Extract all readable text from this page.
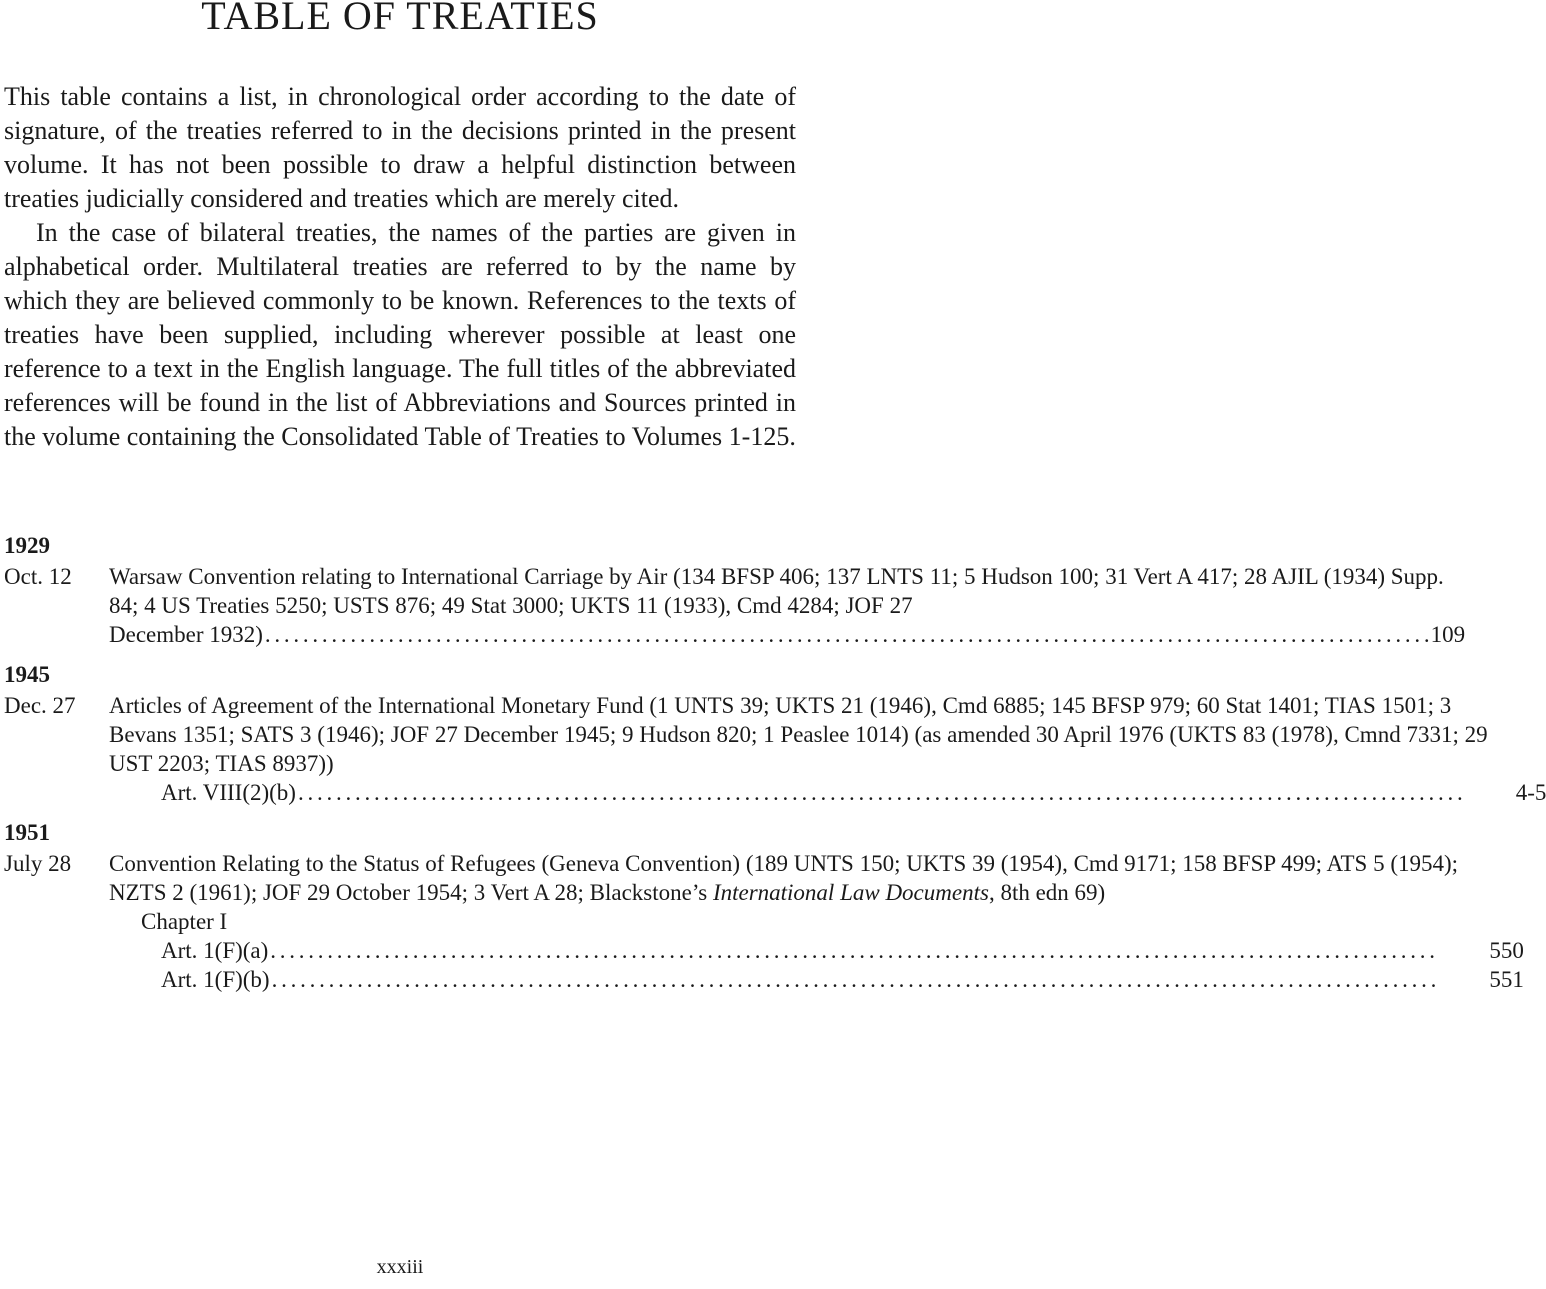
TABLE OF TREATIES

This table contains a list, in chronological order according to the date of signature, of the treaties referred to in the decisions printed in the present volume. It has not been possible to draw a helpful distinction between treaties judicially considered and treaties which are merely cited.

In the case of bilateral treaties, the names of the parties are given in alphabetical order. Multilateral treaties are referred to by the name by which they are believed commonly to be known. References to the texts of treaties have been supplied, including wherever possible at least one reference to a text in the English language. The full titles of the abbreviated references will be found in the list of Abbreviations and Sources printed in the volume containing the Consolidated Table of Treaties to Volumes 1-125.

1929

Oct. 12	Warsaw Convention relating to International Carriage by Air (134 BFSP 406; 137 LNTS 11; 5 Hudson 100; 31 Vert A 417; 28 AJIL (1934) Supp. 84; 4 US Treaties 5250; USTS 876; 49 Stat 3000; UKTS 11 (1933), Cmd 4284; JOF 27

December 1932) . . .	109

1945

Dec. 27	Articles of Agreement of the International Monetary Fund (1 UNTS 39; UKTS 21 (1946), Cmd 6885; 145 BFSP 979; 60 Stat 1401; TIAS 1501; 3 Bevans 1351; SATS 3 (1946); JOF 27 December 1945; 9 Hudson 820; 1 Peaslee 1014) (as amended 30 April 1976 (UKTS 83 (1978), Cmnd 7331; 29 UST 2203; TIAS 8937))

Art. VIII(2)(b) . . .	4-5

1951

July 28	Convention Relating to the Status of Refugees (Geneva Convention) (189 UNTS 150; UKTS 39 (1954), Cmd 9171; 158 BFSP 499; ATS 5 (1954); NZTS 2 (1961); JOF 29 October 1954; 3 Vert A 28; Blackstone’s International Law Documents, 8th edn 69)

Chapter I
Art. 1(F)(a) . . .	550
Art. 1(F)(b) . . .	551
xxxiii
